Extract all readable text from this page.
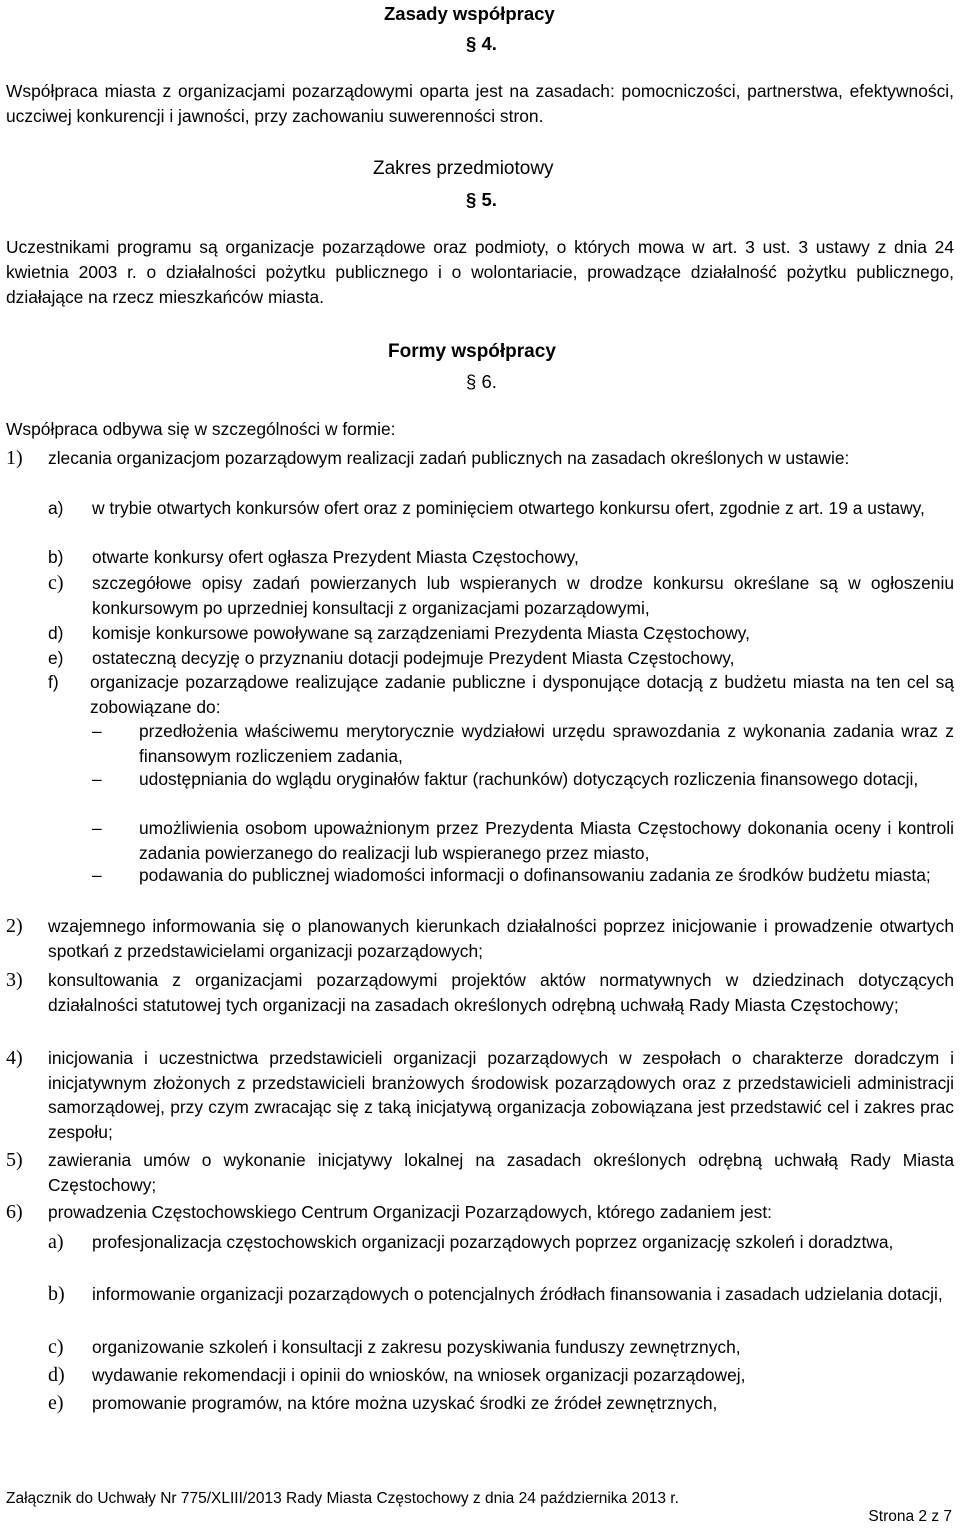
Zasady współpracy
§ 4.
Współpraca miasta z organizacjami pozarządowymi oparta jest na zasadach: pomocniczości, partnerstwa, efektywności, uczciwej konkurencji i jawności, przy zachowaniu suwerenności stron.
Zakres przedmiotowy
§ 5.
Uczestnikami programu są organizacje pozarządowe oraz podmioty, o których mowa w art. 3 ust. 3 ustawy z dnia 24 kwietnia 2003 r. o działalności pożytku publicznego i o wolontariacie, prowadzące działalność pożytku publicznego, działające na rzecz mieszkańców miasta.
Formy współpracy
§ 6.
Współpraca odbywa się w szczególności w formie:
1)	zlecania organizacjom pozarządowym realizacji zadań publicznych na zasadach określonych w ustawie:
a)	w trybie otwartych konkursów ofert oraz z pominięciem otwartego konkursu ofert, zgodnie z art. 19 a ustawy,
b)	otwarte konkursy ofert ogłasza Prezydent Miasta Częstochowy,
c)	szczegółowe opisy zadań powierzanych lub wspieranych w drodze konkursu określane są w ogłoszeniu konkursowym po uprzedniej konsultacji z organizacjami pozarządowymi,
d)	komisje konkursowe powoływane są zarządzeniami Prezydenta Miasta Częstochowy,
e)	ostateczną decyzję o przyznaniu dotacji podejmuje Prezydent Miasta Częstochowy,
f)	organizacje pozarządowe realizujące zadanie publiczne i dysponujące dotacją z budżetu miasta na ten cel są zobowiązane do:
–	przedłożenia właściwemu merytorycznie wydziałowi urzędu sprawozdania z wykonania zadania wraz z finansowym rozliczeniem zadania,
–	udostępniania do wglądu oryginałów faktur (rachunków) dotyczących rozliczenia finansowego dotacji,
–	umożliwienia osobom upoważnionym przez Prezydenta Miasta Częstochowy dokonania oceny i kontroli zadania powierzanego do realizacji lub wspieranego przez miasto,
–	podawania do publicznej wiadomości informacji o dofinansowaniu zadania ze środków budżetu miasta;
2)	wzajemnego informowania się o planowanych kierunkach działalności poprzez inicjowanie i prowadzenie otwartych spotkań z przedstawicielami organizacji pozarządowych;
3)	konsultowania z organizacjami pozarządowymi projektów aktów normatywnych w dziedzinach dotyczących działalności statutowej tych organizacji na zasadach określonych odrębną uchwałą Rady Miasta Częstochowy;
4)	inicjowania i uczestnictwa przedstawicieli organizacji pozarządowych w zespołach o charakterze doradczym i inicjatywnym złożonych z przedstawicieli branżowych środowisk pozarządowych oraz z przedstawicieli administracji samorządowej, przy czym zwracając się z taką inicjatywą organizacja zobowiązana jest przedstawić cel i zakres prac zespołu;
5)	zawierania umów o wykonanie inicjatywy lokalnej na zasadach określonych odrębną uchwałą Rady Miasta Częstochowy;
6)	prowadzenia Częstochowskiego Centrum Organizacji Pozarządowych, którego zadaniem jest:
a)	profesjonalizacja częstochowskich organizacji pozarządowych poprzez organizację szkoleń i doradztwa,
b)	informowanie organizacji pozarządowych o potencjalnych źródłach finansowania i zasadach udzielania dotacji,
c)	organizowanie szkoleń i konsultacji z zakresu pozyskiwania funduszy zewnętrznych,
d)	wydawanie rekomendacji i opinii do wniosków, na wniosek organizacji pozarządowej,
e)	promowanie programów, na które można uzyskać środki ze źródeł zewnętrznych,
Załącznik do Uchwały Nr 775/XLIII/2013 Rady Miasta Częstochowy z dnia 24 października 2013 r.
Strona 2 z 7
